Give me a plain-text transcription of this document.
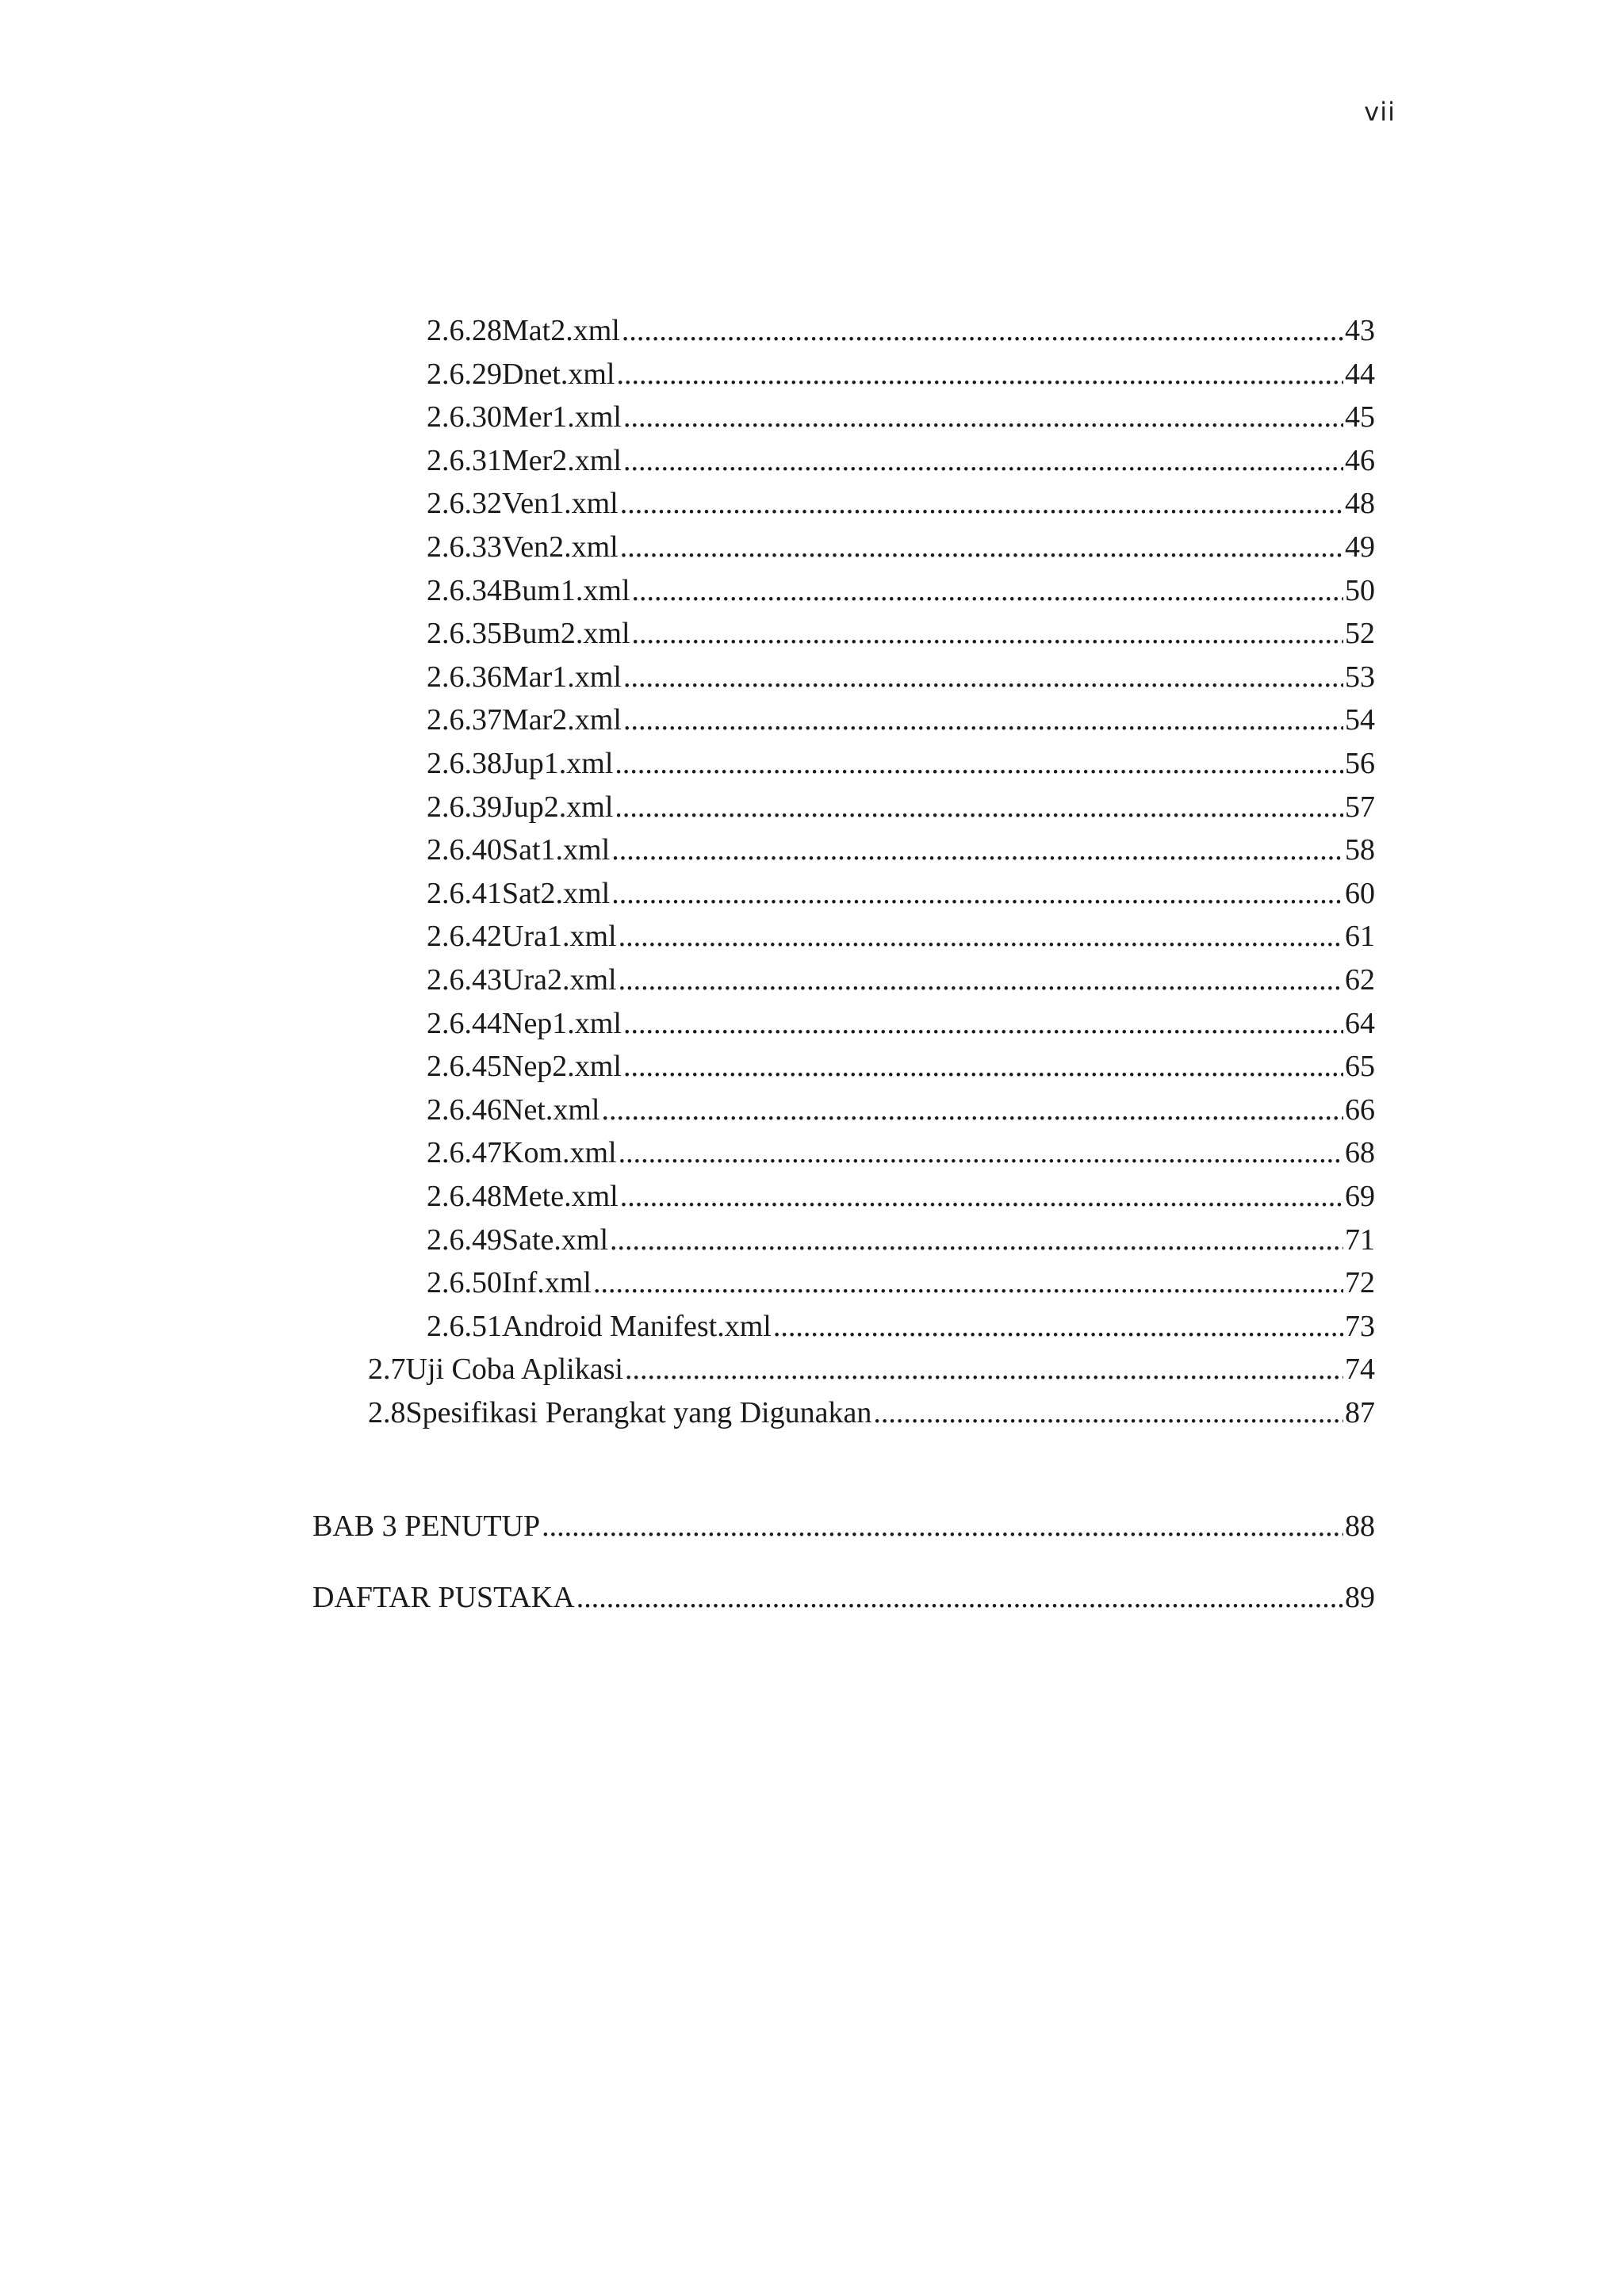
vii
2.6.28 Mat2.xml .....	43
2.6.29 Dnet.xml .....	44
2.6.30 Mer1.xml .....	45
2.6.31 Mer2.xml .....	46
2.6.32 Ven1.xml .....	48
2.6.33 Ven2.xml .....	49
2.6.34 Bum1.xml .....	50
2.6.35 Bum2.xml .....	52
2.6.36 Mar1.xml .....	53
2.6.37 Mar2.xml .....	54
2.6.38 Jup1.xml .....	56
2.6.39 Jup2.xml .....	57
2.6.40 Sat1.xml .....	58
2.6.41 Sat2.xml .....	60
2.6.42 Ura1.xml .....	61
2.6.43 Ura2.xml .....	62
2.6.44 Nep1.xml .....	64
2.6.45 Nep2.xml .....	65
2.6.46 Net.xml .....	66
2.6.47 Kom.xml .....	68
2.6.48 Mete.xml .....	69
2.6.49 Sate.xml .....	71
2.6.50 Inf.xml .....	72
2.6.51 Android Manifest.xml .....	73
2.7 Uji Coba Aplikasi .....	74
2.8 Spesifikasi Perangkat yang Digunakan .....	87
BAB 3 PENUTUP .....	88
DAFTAR PUSTAKA .....	89
